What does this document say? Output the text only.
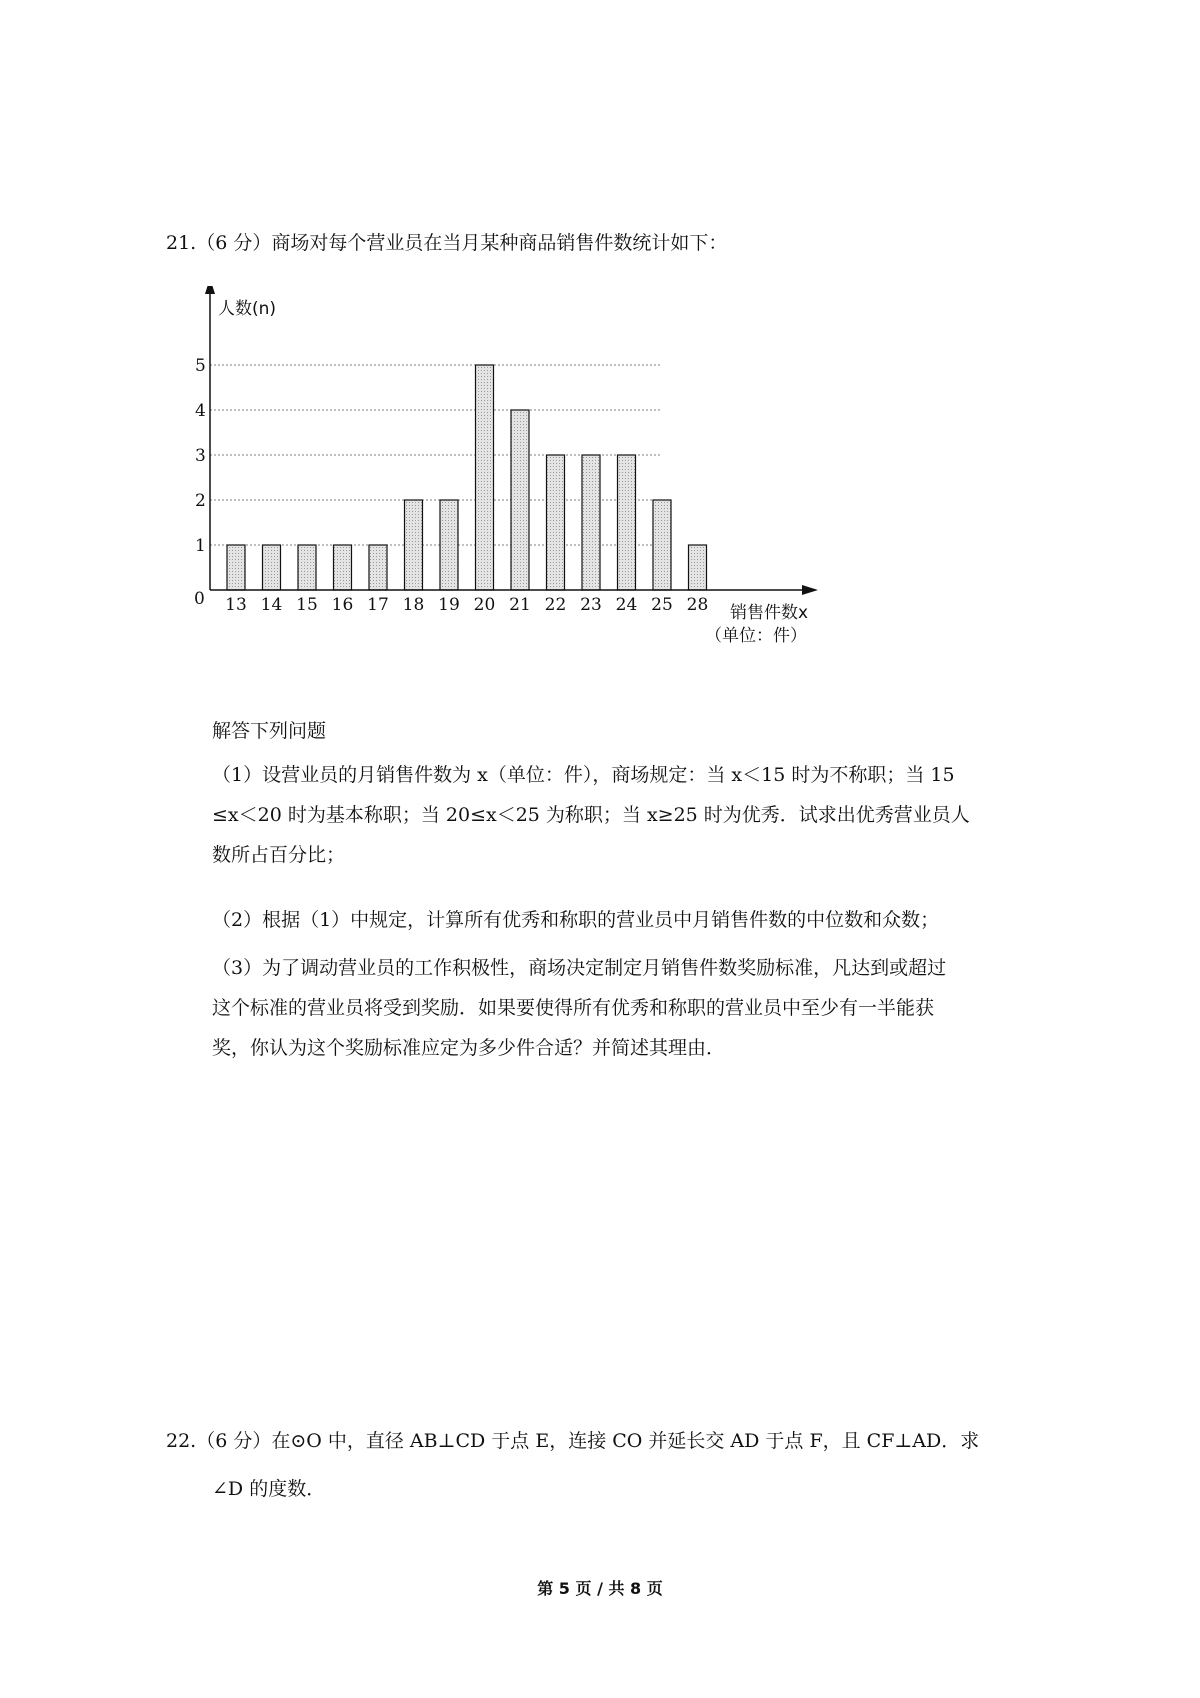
21.（6 分）商场对每个营业员在当月某种商品销售件数统计如下：
1
2
3
4
5
13 14 15 16 17 18 19 20 21 22 23 24 25 28
人数(n)
销售件数x
（单位：件）
0
解答下列问题
（1）设营业员的月销售件数为 x（单位：件），商场规定：当 x＜15 时为不称职；当 15
≤x＜20 时为基本称职；当 20≤x＜25 为称职；当 x≥25 时为优秀．试求出优秀营业员人
数所占百分比；
（2）根据（1）中规定，计算所有优秀和称职的营业员中月销售件数的中位数和众数；
（3）为了调动营业员的工作积极性，商场决定制定月销售件数奖励标准，凡达到或超过
这个标准的营业员将受到奖励．如果要使得所有优秀和称职的营业员中至少有一半能获
奖，你认为这个奖励标准应定为多少件合适？并简述其理由．
22.（6 分）在⊙O 中，直径 AB⊥CD 于点 E，连接 CO 并延长交 AD 于点 F，且 CF⊥AD．求
∠D 的度数．
第 5 页 / 共 8 页
